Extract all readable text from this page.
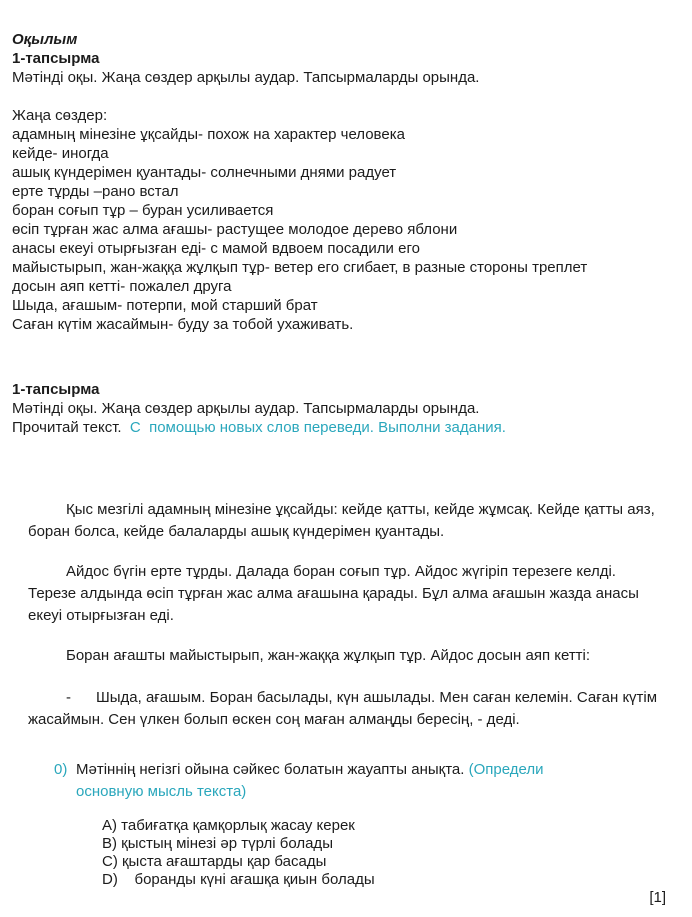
Оқылым
1-тапсырма
Мәтінді оқы. Жаңа сөздер арқылы аудар. Тапсырмаларды орында.
Жаңа сөздер:
адамның мінезіне ұқсайды- похож на характер человека
кейде- иногда
ашық күндерімен қуантады- солнечными днями радует
ерте тұрды –рано встал
боран соғып тұр – буран усиливается
өсіп тұрған жас алма ағашы- растущее молодое дерево яблони
анасы екеуі отырғызған еді- с мамой вдвоем посадили его
майыстырып, жан-жаққа жұлқып тұр- ветер его сгибает, в разные стороны треплет
досын аяп кетті- пожалел друга
Шыда, ағашым- потерпи, мой старший брат
Саған күтім жасаймын- буду за тобой ухаживать.
1-тапсырма
Мәтінді оқы. Жаңа сөздер арқылы аудар. Тапсырмаларды орында.
Прочитай текст.  С  помощью новых слов переведи. Выполни задания.

Қыс мезгілі адамның мінезіне ұқсайды: кейде қатты, кейде жұмсақ. Кейде қатты аяз, боран болса, кейде балаларды ашық күндерімен қуантады.

Айдос бүгін ерте тұрды. Далада боран соғып тұр. Айдос жүгіріп терезеге келді. Терезе алдында өсіп тұрған жас алма ағашына қарады. Бұл алма ағашын жазда анасы екеуі отырғызған еді.

Боран ағашты майыстырып, жан-жаққа жұлқып тұр. Айдос досын аяп кетті:

-      Шыда, ағашым. Боран басылады, күн ашылады. Мен саған келемін. Саған күтім жасаймын. Сен үлкен болып өскен соң маған алмаңды бересің, - деді.

0) Мәтіннің негізгі ойына сәйкес болатын жауапты анықта. (Определи основную мысль текста)
А) табиғатқа қамқорлық жасау керек
В) қыстың мінезі әр түрлі болады
С) қыста ағаштарды қар басады
D)    боранды күні ағашқа қиын болады
[1]
